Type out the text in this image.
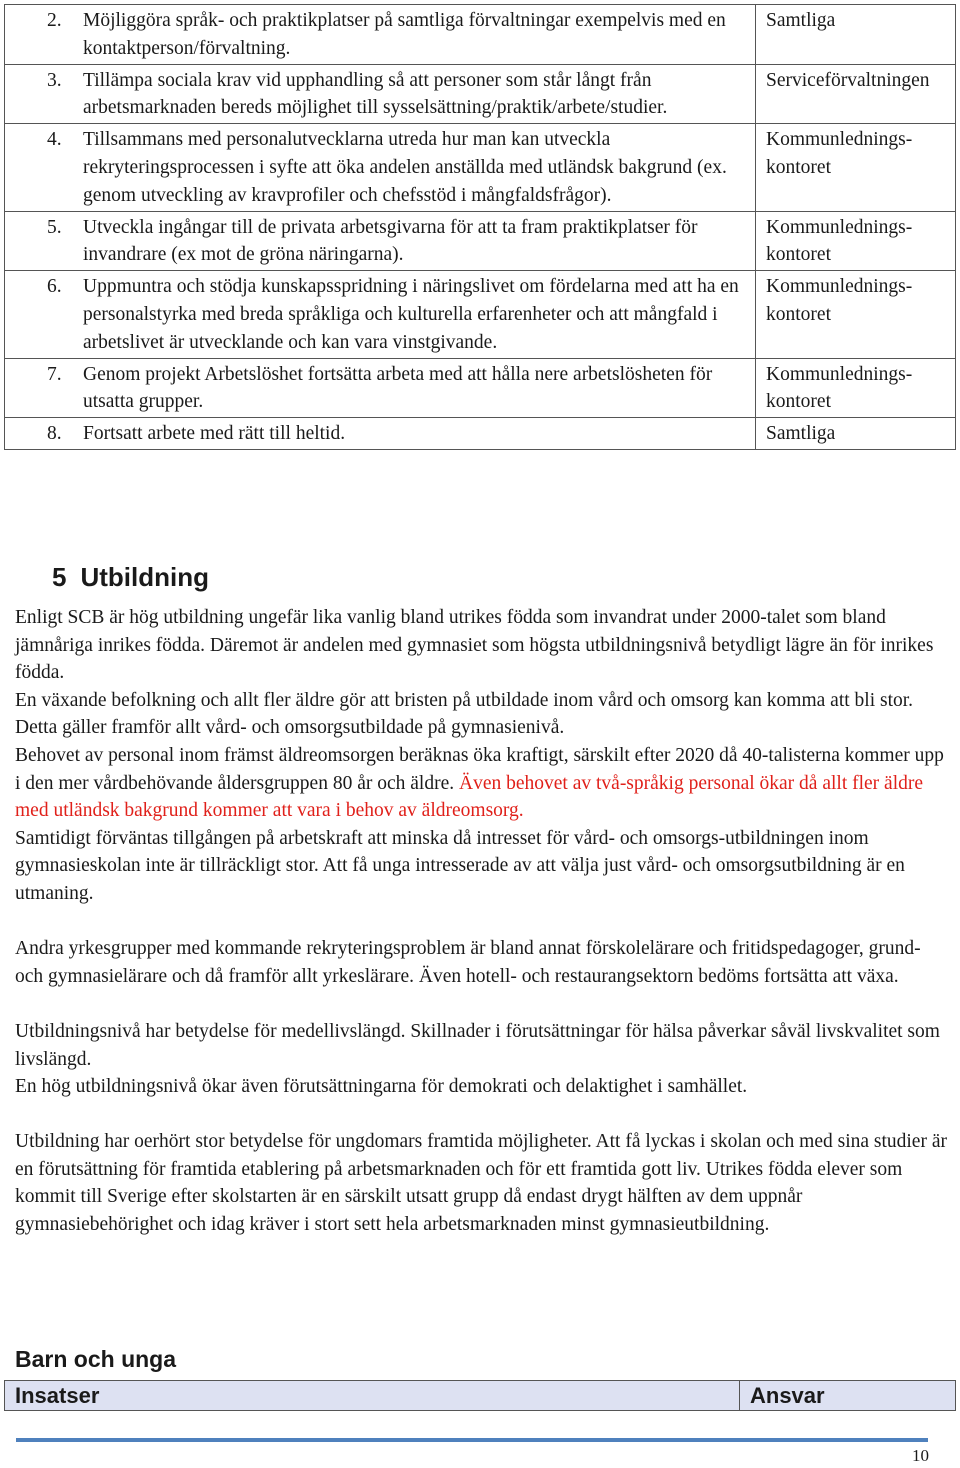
2. Möjliggöra språk- och praktikplatser på samtliga förvaltningar exempelvis med en kontaktperson/förvaltning.	Samtliga

3. Tillämpa sociala krav vid upphandling så att personer som står långt från arbetsmarknaden bereds möjlighet till sysselsättning/praktik/arbete/studier.	Serviceförvaltningen

4. Tillsammans med personalutvecklarna utreda hur man kan utveckla rekryteringsprocessen i syfte att öka andelen anställda med utländsk bakgrund (ex. genom utveckling av kravprofiler och chefsstöd i mångfaldsfrågor).	Kommunlednings-kontoret

5. Utveckla ingångar till de privata arbetsgivarna för att ta fram praktikplatser för invandrare (ex mot de gröna näringarna).	Kommunlednings-kontoret

6. Uppmuntra och stödja kunskapsspridning i näringslivet om fördelarna med att ha en personalstyrka med breda språkliga och kulturella erfarenheter och att mångfald i arbetslivet är utvecklande och kan vara vinstgivande.	Kommunlednings-kontoret

7. Genom projekt Arbetslöshet fortsätta arbeta med att hålla nere arbetslösheten för utsatta grupper.	Kommunlednings-kontoret

8. Fortsatt arbete med rätt till heltid.	Samtliga
5 Utbildning

Enligt SCB är hög utbildning ungefär lika vanlig bland utrikes födda som invandrat under 2000-talet som bland jämnåriga inrikes födda. Däremot är andelen med gymnasiet som högsta utbildningsnivå betydligt lägre än för inrikes födda.

En växande befolkning och allt fler äldre gör att bristen på utbildade inom vård och omsorg kan komma att bli stor. Detta gäller framför allt vård- och omsorgsutbildade på gymnasienivå.

Behovet av personal inom främst äldreomsorgen beräknas öka kraftigt, särskilt efter 2020 då 40-talisterna kommer upp i den mer vårdbehövande åldersgruppen 80 år och äldre. Även behovet av två-språkig personal ökar då allt fler äldre med utländsk bakgrund kommer att vara i behov av äldreomsorg.

Samtidigt förväntas tillgången på arbetskraft att minska då intresset för vård- och omsorgs-utbildningen inom gymnasieskolan inte är tillräckligt stor. Att få unga intresserade av att välja just vård- och omsorgsutbildning är en utmaning.

Andra yrkesgrupper med kommande rekryteringsproblem är bland annat förskolelärare och fritidspedagoger, grund- och gymnasielärare och då framför allt yrkeslärare. Även hotell- och restaurangsektorn bedöms fortsätta att växa.

Utbildningsnivå har betydelse för medellivslängd. Skillnader i förutsättningar för hälsa påverkar såväl livskvalitet som livslängd.

En hög utbildningsnivå ökar även förutsättningarna för demokrati och delaktighet i samhället.

Utbildning har oerhört stor betydelse för ungdomars framtida möjligheter. Att få lyckas i skolan och med sina studier är en förutsättning för framtida etablering på arbetsmarknaden och för ett framtida gott liv. Utrikes födda elever som kommit till Sverige efter skolstarten är en särskilt utsatt grupp då endast drygt hälften av dem uppnår gymnasiebehörighet och idag kräver i stort sett hela arbetsmarknaden minst gymnasieutbildning.

Barn och unga
Insatser	Ansvar
10
